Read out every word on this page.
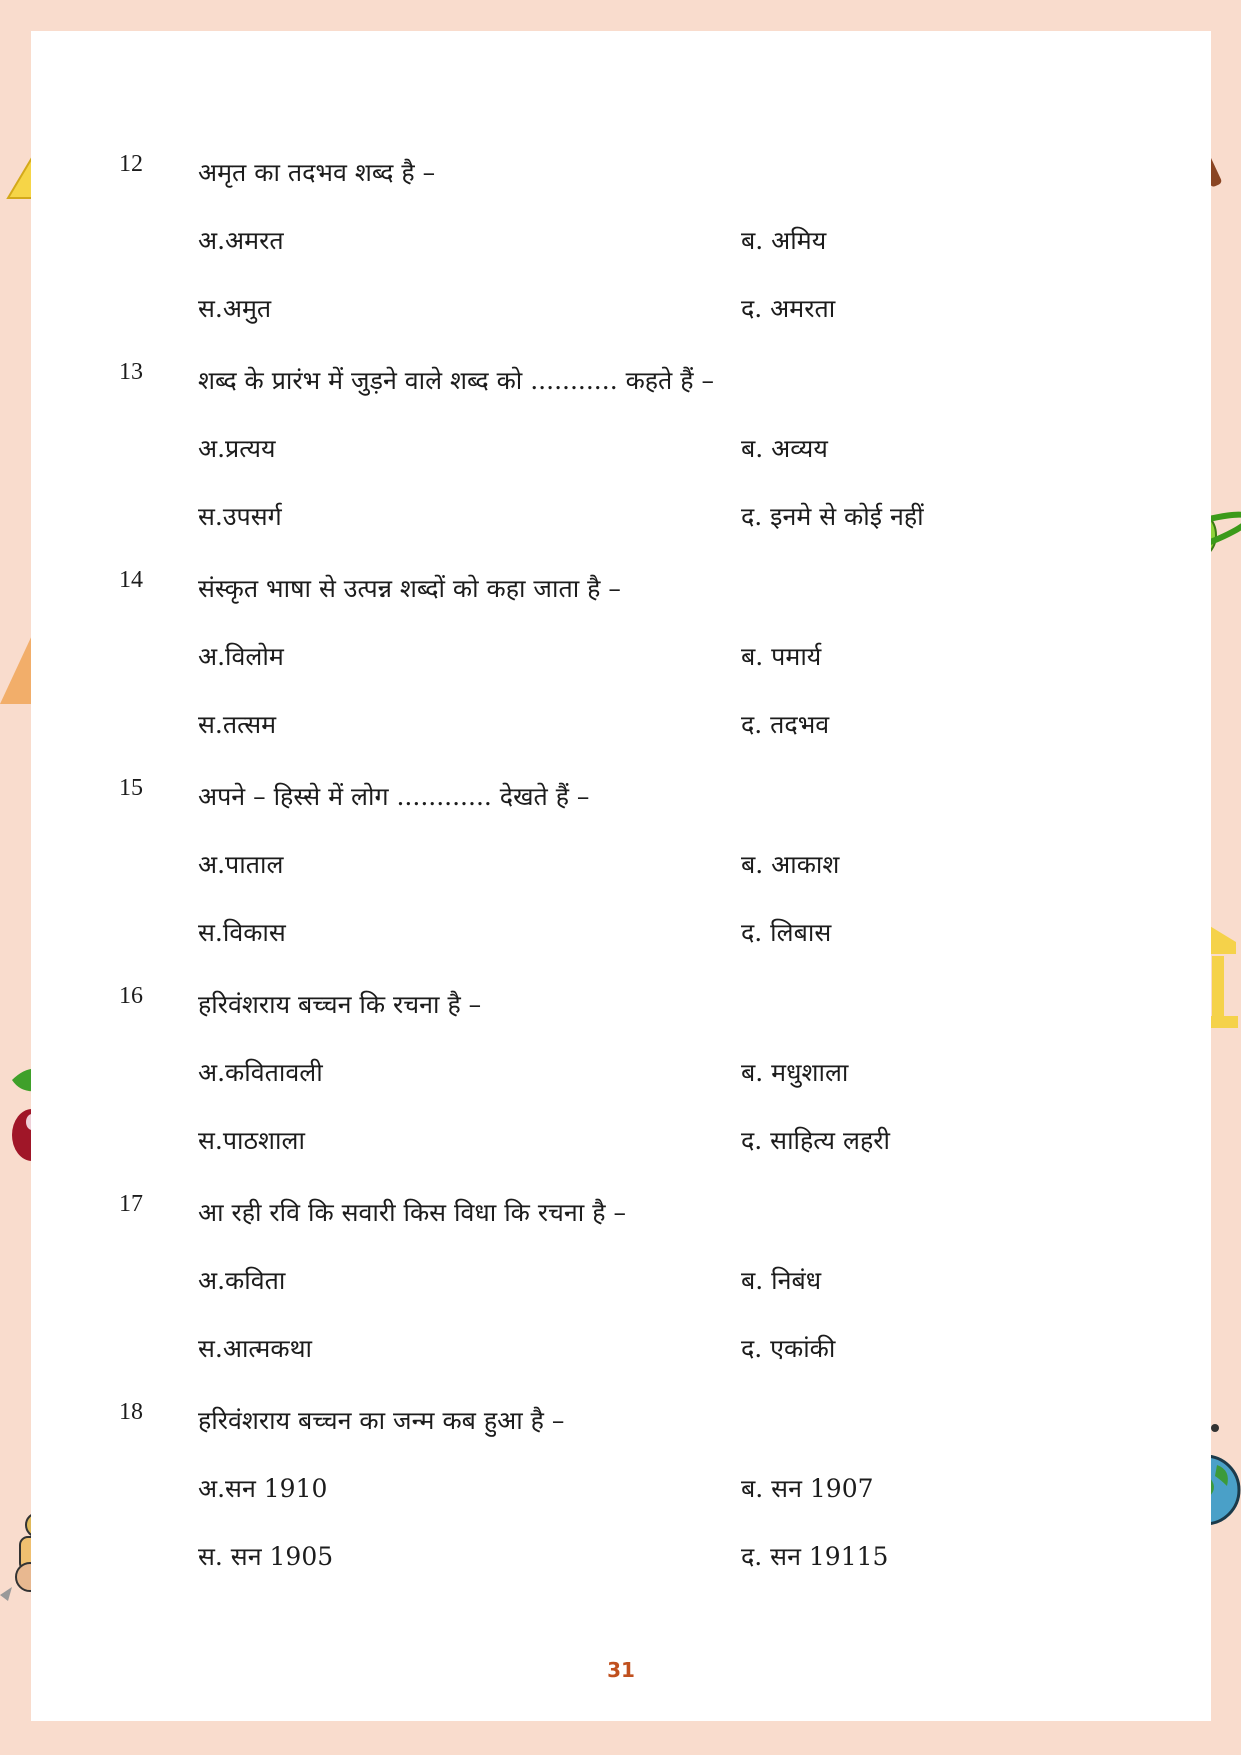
12 अमृत का तदभव शब्द है –
अ.अमरत	ब. अमिय
स.अमुत	द. अमरता
13 शब्द के प्रारंभ में जुड़ने वाले शब्द को ........... कहते हैं –
अ.प्रत्यय	ब. अव्यय
स.उपसर्ग	द. इनमे से कोई नहीं
14 संस्कृत भाषा से उत्पन्न शब्दों को कहा जाता है –
अ.विलोम	ब. पमार्य
स.तत्सम	द. तदभव
15 अपने – हिस्से में लोग ............ देखते हैं –
अ.पाताल	ब. आकाश
स.विकास	द. लिबास
16 हरिवंशराय बच्चन कि रचना है –
अ.कवितावली	ब. मधुशाला
स.पाठशाला	द. साहित्य लहरी
17 आ रही रवि कि सवारी किस विधा कि रचना है –
अ.कविता	ब. निबंध
स.आत्मकथा	द. एकांकी
18 हरिवंशराय बच्चन का जन्म कब हुआ है –
अ.सन 1910	ब. सन 1907
स. सन 1905	द. सन 19115
31
